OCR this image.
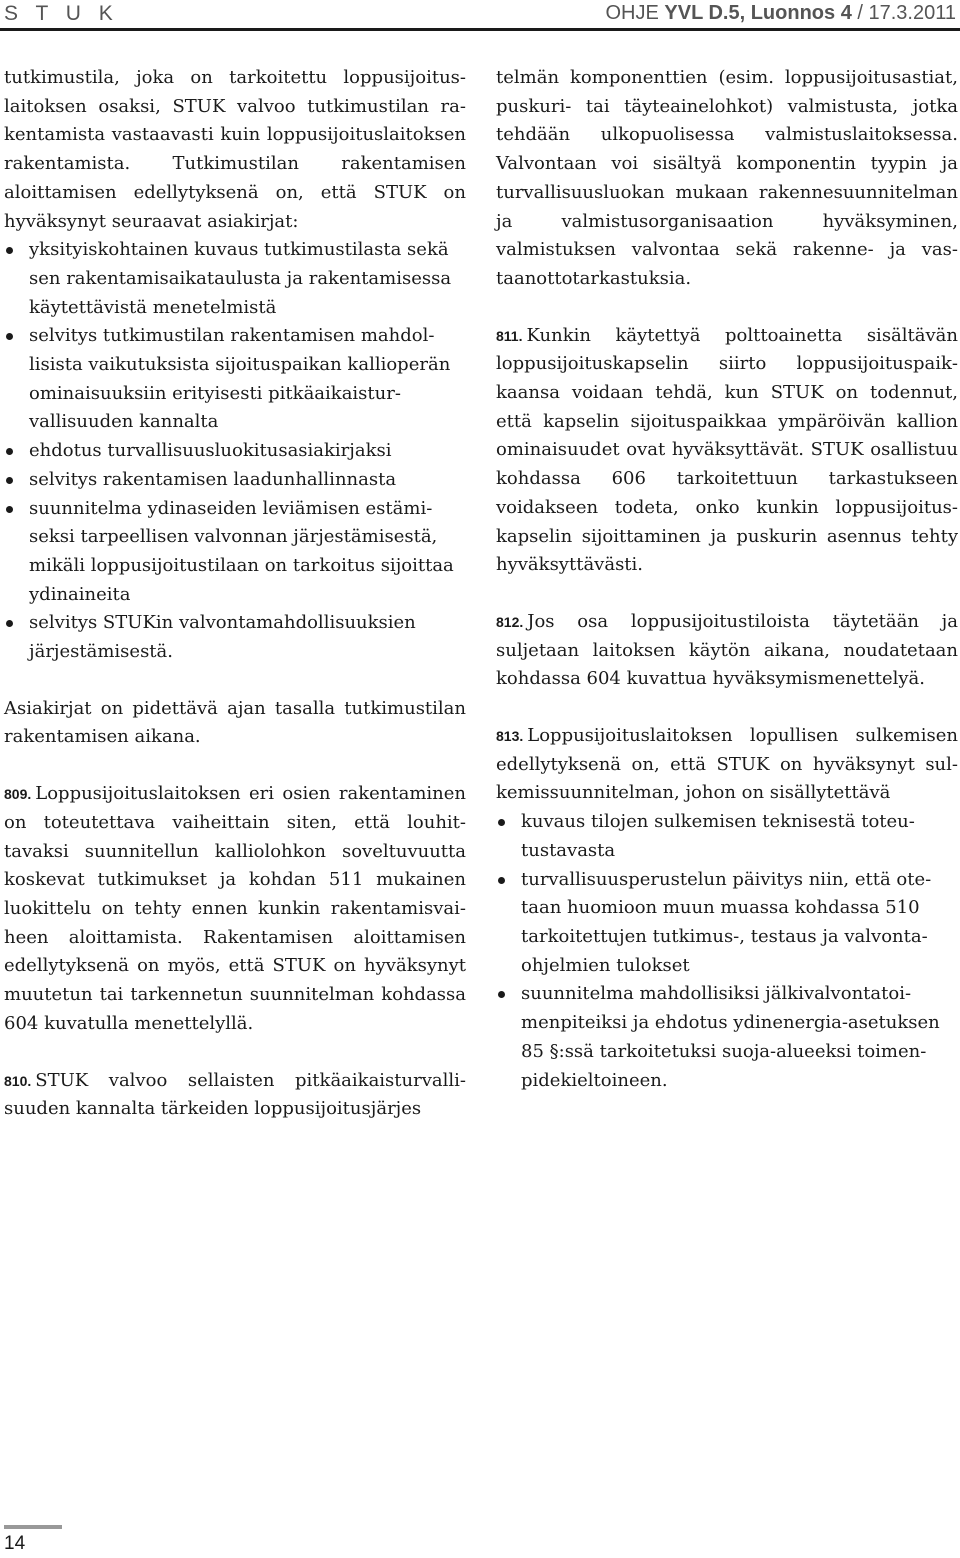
S T U K	OHJE YVL D.5, Luonnos 4 / 17.3.2011

tutkimustila, joka on tarkoitettu loppusijoituslaitoksen osaksi, STUK valvoo tutkimustilan rakentamista vastaavasti kuin loppusijoituslaitoksen rakentamista. Tutkimustilan rakentamisen aloittamisen edellytyksenä on, että STUK on hyväksynyt seuraavat asiakirjat:

yksityiskohtainen kuvaus tutkimustilasta sekä sen rakentamisaikataulusta ja rakentamisessa käytettävistä menetelmistä
selvitys tutkimustilan rakentamisen mahdollisista vaikutuksista sijoituspaikan kallioperän ominaisuuksiin erityisesti pitkäaikaisturvallisuuden kannalta
ehdotus turvallisuusluokitusasiakirjaksi
selvitys rakentamisen laadunhallinnasta
suunnitelma ydinaseiden leviämisen estämiseksi tarpeellisen valvonnan järjestämisestä, mikäli loppusijoitustilaan on tarkoitus sijoittaa ydinaineita
selvitys STUKin valvontamahdollisuuksien järjestämisestä.

Asiakirjat on pidettävä ajan tasalla tutkimustilan rakentamisen aikana.

809. Loppusijoituslaitoksen eri osien rakentaminen on toteutettava vaiheittain siten, että louhittavaksi suunnitellun kalliolohkon soveltuvuutta koskevat tutkimukset ja kohdan 511 mukainen luokittelu on tehty ennen kunkin rakentamisvaiheen aloittamista. Rakentamisen aloittamisen edellytyksenä on myös, että STUK on hyväksynyt muutetun tai tarkennetun suunnitelman kohdassa 604 kuvatulla menettelyllä.

810. STUK valvoo sellaisten pitkäaikaisturvallisuuden kannalta tärkeiden loppusijoitusjärjes

telmän komponenttien (esim. loppusijoitusastiat, puskuri- tai täyteainelohkot) valmistusta, jotka tehdään ulkopuolisessa valmistuslaitoksessa. Valvontaan voi sisältyä komponentin tyypin ja turvallisuusluokan mukaan rakennesuunnitelman ja valmistusorganisaation hyväksyminen, valmistuksen valvontaa sekä rakenne- ja vastaanottotarkastuksia.

811. Kunkin käytettyä polttoainetta sisältävän loppusijoituskapselin siirto loppusijoituspaikkaansa voidaan tehdä, kun STUK on todennut, että kapselin sijoituspaikkaa ympäröivän kallion ominaisuudet ovat hyväksyttävät. STUK osallistuu kohdassa 606 tarkoitettuun tarkastukseen voidakseen todeta, onko kunkin loppusijoituskapselin sijoittaminen ja puskurin asennus tehty hyväksyttävästi.

812. Jos osa loppusijoitustiloista täytetään ja suljetaan laitoksen käytön aikana, noudatetaan kohdassa 604 kuvattua hyväksymismenettelyä.

813. Loppusijoituslaitoksen lopullisen sulkemisen edellytyksenä on, että STUK on hyväksynyt sulkemissuunnitelman, johon on sisällytettävä

kuvaus tilojen sulkemisen teknisestä toteutustavasta
turvallisuusperustelun päivitys niin, että otetaan huomioon muun muassa kohdassa 510 tarkoitettujen tutkimus-, testaus ja valvontaohjelmien tulokset
suunnitelma mahdollisiksi jälkivalvontatoimenpiteiksi ja ehdotus ydinenergia-asetuksen 85 §:ssä tarkoitetuksi suoja-alueeksi toimenpidekieltoineen.
14
